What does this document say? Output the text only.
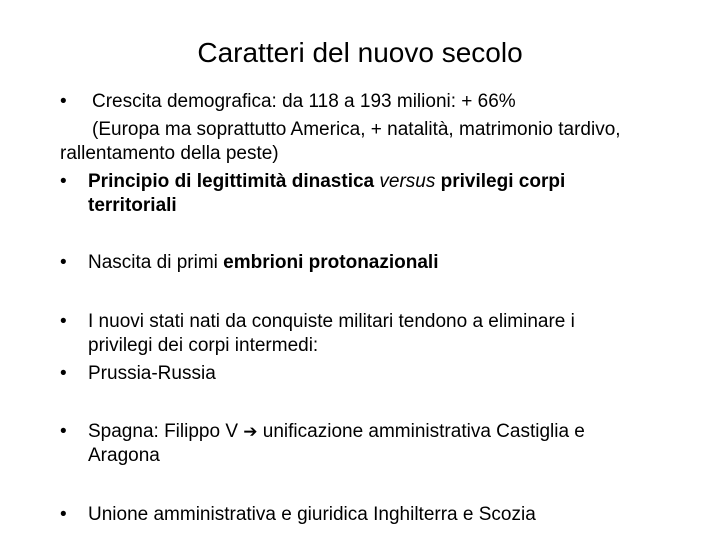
Caratteri del nuovo secolo
• Crescita demografica: da 118 a 193 milioni: + 66%
(Europa ma soprattutto America, + natalità, matrimonio tardivo,
rallentamento della peste)
• Principio di legittimità dinastica versus privilegi corpi
territoriali
• Nascita di primi embrioni protonazionali
• I nuovi stati nati da conquiste militari tendono a eliminare i
privilegi dei corpi intermedi:
• Prussia-Russia
• Spagna: Filippo V ➔ unificazione amministrativa Castiglia e
Aragona
• Unione amministrativa e giuridica Inghilterra e Scozia
